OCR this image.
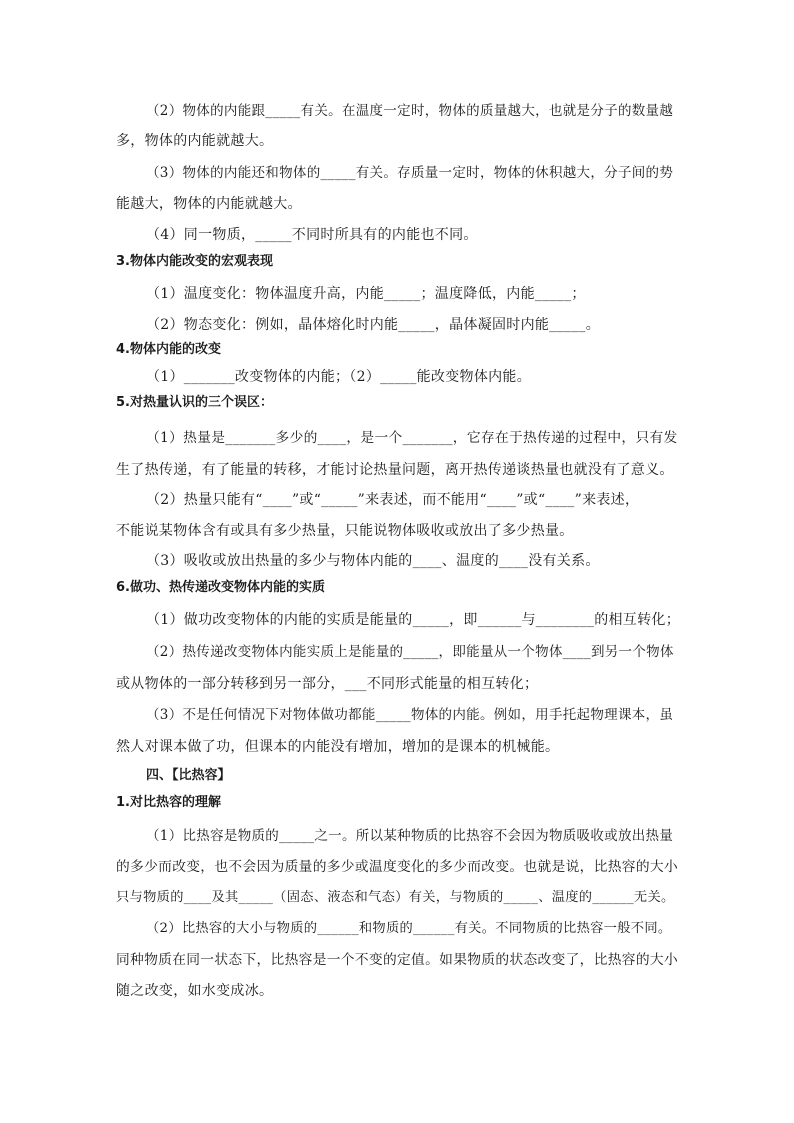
（2）物体的内能跟_____有关。在温度一定时，物体的质量越大，也就是分子的数量越
多，物体的内能就越大。
（3）物体的内能还和物体的_____有关。存质量一定时，物体的休积越大，分子间的势
能越大，物体的内能就越大。
（4）同一物质，_____不同时所具有的内能也不同。
3.物体内能改变的宏观表现
（1）温度变化：物体温度升高，内能_____；温度降低，内能_____；
（2）物态变化：例如，晶体熔化时内能_____，晶体凝固时内能_____。
4.物体内能的改变
（1）_______改变物体的内能；（2）_____能改变物体内能。
5.对热量认识的三个误区：
（1）热量是_______多少的____，是一个_______，它存在于热传递的过程中，只有发
生了热传递，有了能量的转移，才能讨论热量问题，离开热传递谈热量也就没有了意义。
（2）热量只能有“____”或“_____”来表述，而不能用“____”或“____”来表述，
不能说某物体含有或具有多少热量，只能说物体吸收或放出了多少热量。
（3）吸收或放出热量的多少与物体内能的____、温度的____没有关系。
6.做功、热传递改变物体内能的实质
（1）做功改变物体的内能的实质是能量的_____，即______与________的相互转化；
（2）热传递改变物体内能实质上是能量的_____，即能量从一个物体____到另一个物体
或从物体的一部分转移到另一部分，___不同形式能量的相互转化；
（3）不是任何情况下对物体做功都能_____物体的内能。例如，用手托起物理课本，虽
然人对课本做了功，但课本的内能没有增加，增加的是课本的机械能。
四、【比热容】
1.对比热容的理解
（1）比热容是物质的_____之一。所以某种物质的比热容不会因为物质吸收或放出热量
的多少而改变，也不会因为质量的多少或温度变化的多少而改变。也就是说，比热容的大小
只与物质的____及其_____（固态、液态和气态）有关，与物质的_____、温度的______无关。
（2）比热容的大小与物质的______和物质的______有关。不同物质的比热容一般不同。
同种物质在同一状态下，比热容是一个不变的定值。如果物质的状态改变了，比热容的大小
随之改变，如水变成冰。
